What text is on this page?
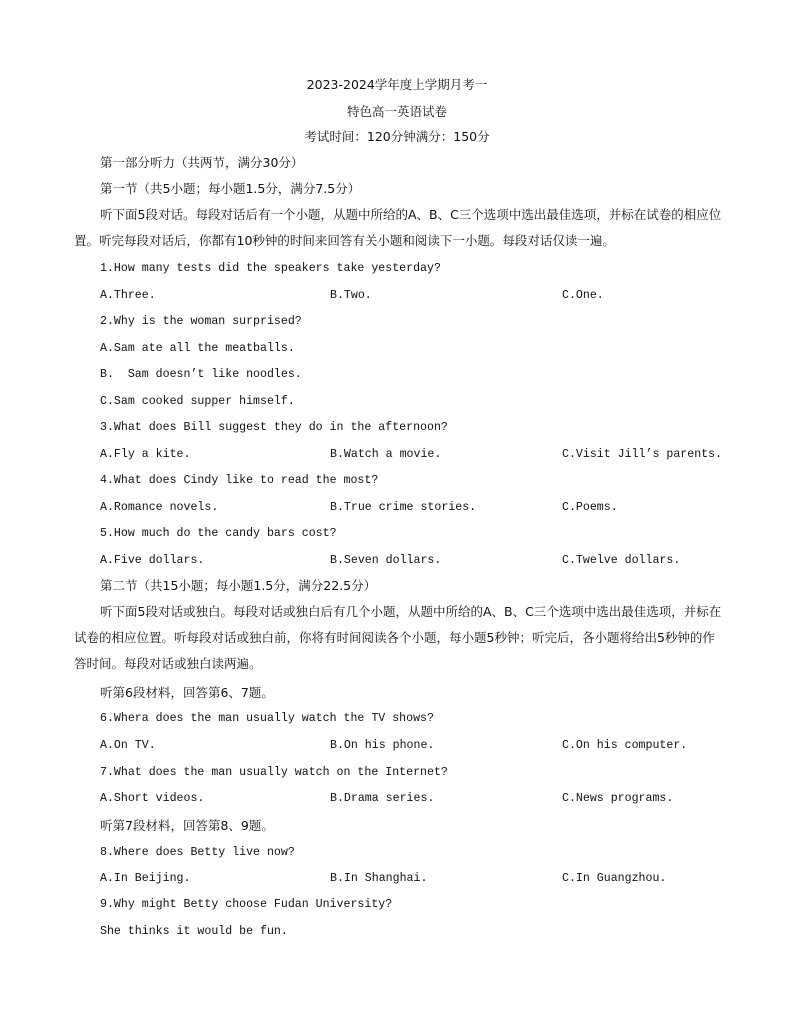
2023-2024学年度上学期月考一
特色高一英语试卷
考试时间：120分钟满分：150分
第一部分听力（共两节，满分30分）
第一节（共5小题；每小题1.5分，满分7.5分）
听下面5段对话。每段对话后有一个小题，从题中所给的A、B、C三个选项中选出最佳选项，并标在试卷的相应位置。听完每段对话后，你都有10秒钟的时间来回答有关小题和阅读下一小题。每段对话仅读一遍。
1.How many tests did the speakers take yesterday?
A.Three.	B.Two.	C.One.
2.Why is the woman surprised?
A.Sam ate all the meatballs.
B.  Sam doesn’t like noodles.
C.Sam cooked supper himself.
3.What does Bill suggest they do in the afternoon?
A.Fly a kite.	B.Watch a movie.	C.Visit Jill’s parents.
4.What does Cindy like to read the most?
A.Romance novels.	B.True crime stories.	C.Poems.
5.How much do the candy bars cost?
A.Five dollars.	B.Seven dollars.	C.Twelve dollars.
第二节（共15小题；每小题1.5分，满分22.5分）
听下面5段对话或独白。每段对话或独白后有几个小题，从题中所给的A、B、C三个选项中选出最佳选项，并标在试卷的相应位置。听每段对话或独白前，你将有时间阅读各个小题，每小题5秒钟；听完后，各小题将给出5秒钟的作答时间。每段对话或独白读两遍。
听第6段材料，回答第6、7题。
6.Whera does the man usually watch the TV shows?
A.On TV.	B.On his phone.	C.On his computer.
7.What does the man usually watch on the Internet?
A.Short videos.	B.Drama series.	C.News programs.
听第7段材料，回答第8、9题。
8.Where does Betty live now?
A.In Beijing.	B.In Shanghai.	C.In Guangzhou.
9.Why might Betty choose Fudan University?
She thinks it would be fun.
